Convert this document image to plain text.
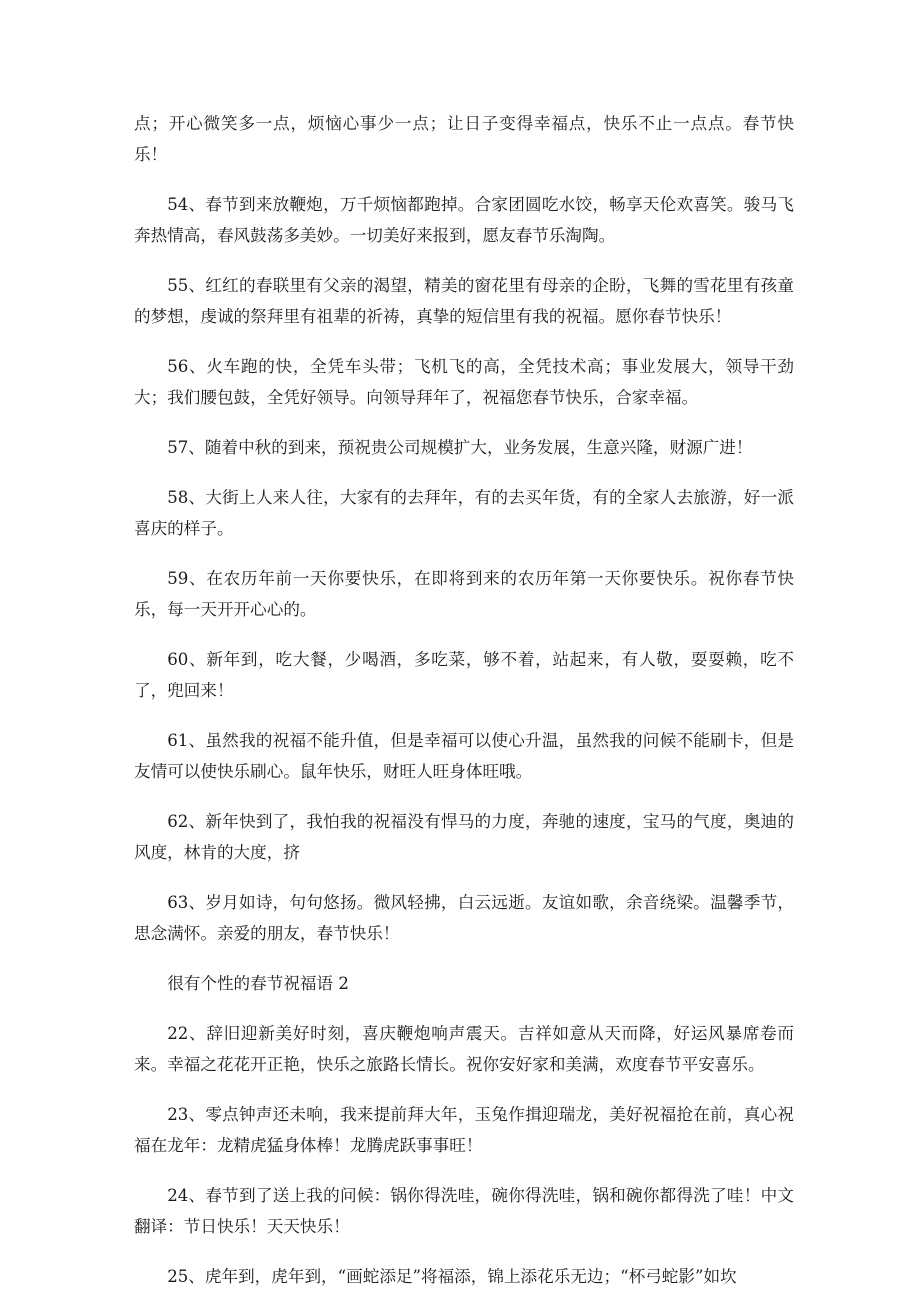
点；开心微笑多一点，烦恼心事少一点；让日子变得幸福点，快乐不止一点点。春节快乐！

54、春节到来放鞭炮，万千烦恼都跑掉。合家团圆吃水饺，畅享天伦欢喜笑。骏马飞奔热情高，春风鼓荡多美妙。一切美好来报到，愿友春节乐淘陶。

55、红红的春联里有父亲的渴望，精美的窗花里有母亲的企盼，飞舞的雪花里有孩童的梦想，虔诚的祭拜里有祖辈的祈祷，真挚的短信里有我的祝福。愿你春节快乐！

56、火车跑的快，全凭车头带；飞机飞的高，全凭技术高；事业发展大，领导干劲大；我们腰包鼓，全凭好领导。向领导拜年了，祝福您春节快乐，合家幸福。

57、随着中秋的到来，预祝贵公司规模扩大，业务发展，生意兴隆，财源广进！

58、大街上人来人往，大家有的去拜年，有的去买年货，有的全家人去旅游，好一派喜庆的样子。

59、在农历年前一天你要快乐，在即将到来的农历年第一天你要快乐。祝你春节快乐，每一天开开心心的。

60、新年到，吃大餐，少喝酒，多吃菜，够不着，站起来，有人敬，耍耍赖，吃不了，兜回来！

61、虽然我的祝福不能升值，但是幸福可以使心升温，虽然我的问候不能刷卡，但是友情可以使快乐刷心。鼠年快乐，财旺人旺身体旺哦。

62、新年快到了，我怕我的祝福没有悍马的力度，奔驰的速度，宝马的气度，奥迪的风度，林肯的大度，挤

63、岁月如诗，句句悠扬。微风轻拂，白云远逝。友谊如歌，余音绕梁。温馨季节，思念满怀。亲爱的朋友，春节快乐！

很有个性的春节祝福语 2

22、辞旧迎新美好时刻，喜庆鞭炮响声震天。吉祥如意从天而降，好运风暴席卷而来。幸福之花花开正艳，快乐之旅路长情长。祝你安好家和美满，欢度春节平安喜乐。

23、零点钟声还未响，我来提前拜大年，玉兔作揖迎瑞龙，美好祝福抢在前，真心祝福在龙年：龙精虎猛身体棒！龙腾虎跃事事旺！

24、春节到了送上我的问候：锅你得洗哇，碗你得洗哇，锅和碗你都得洗了哇！中文翻译：节日快乐！天天快乐！

25、虎年到，虎年到，“画蛇添足”将福添，锦上添花乐无边；“杯弓蛇影”如坎
